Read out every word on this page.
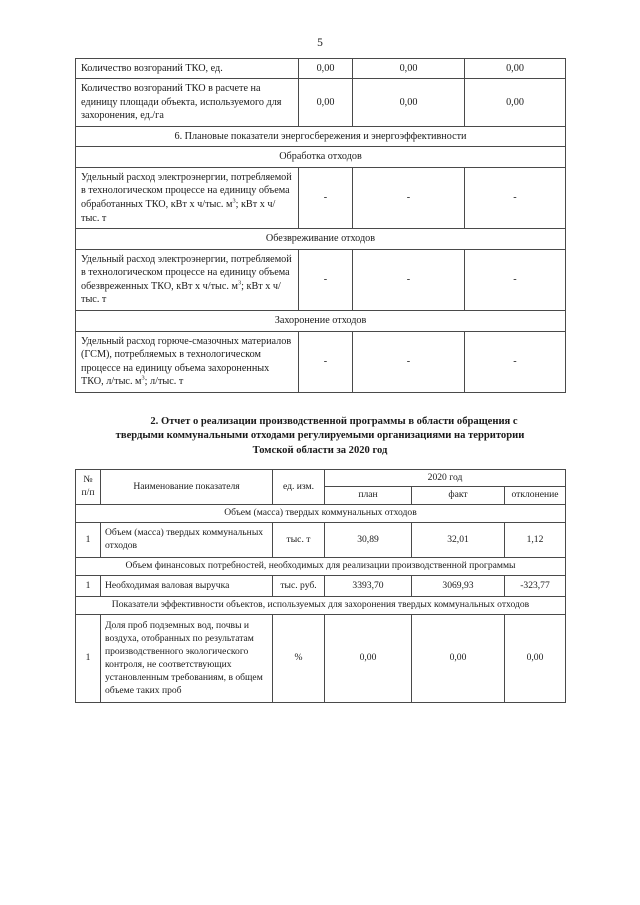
5
Количество возгораний ТКО, ед.	0,00	0,00	0,00
Количество возгораний ТКО в расчете на единицу площади объекта, используемого для захоронения, ед./га	0,00	0,00	0,00
6. Плановые показатели энергосбережения и энергоэффективности			
Обработка отходов			
Удельный расход электроэнергии, потребляемой в технологическом процессе на единицу объема обработанных ТКО, кВт х ч/тыс. $м^3$; кВт х ч/тыс. т	-	-	-
Обезвреживание отходов			
Удельный расход электроэнергии, потребляемой в технологическом процессе на единицу объема обезвреженных ТКО, кВт х ч/тыс. $м^3$; кВт х ч/тыс. т	-	-	-
Захоронение отходов			
Удельный расход горюче-смазочных материалов (ГСМ), потребляемых в технологическом процессе на единицу объема захороненных ТКО, л/тыс. $м^3$; л/тыс. т	-	-	-

2. Отчет о реализации производственной программы в области обращения с
твердыми коммунальными отходами регулируемыми организациями на территории
Томской области за 2020 год

№
п/п	Наименование показателя	ед. изм.	2020 год		
			план	факт	отклонение
Объем (масса) твердых коммунальных отходов					
1	Объем (масса) твердых коммунальных отходов	тыс. т	30,89	32,01	1,12
Объем финансовых потребностей, необходимых для реализации производственной программы					
1	Необходимая валовая выручка	тыс. руб.	3393,70	3069,93	-323,77
Показатели эффективности объектов, используемых для захоронения твердых коммунальных отходов					
1	Доля проб подземных вод, почвы и воздуха, отобранных по результатам производственного экологического контроля, не соответствующих установленным требованиям, в общем объеме таких проб	%	0,00	0,00	0,00
